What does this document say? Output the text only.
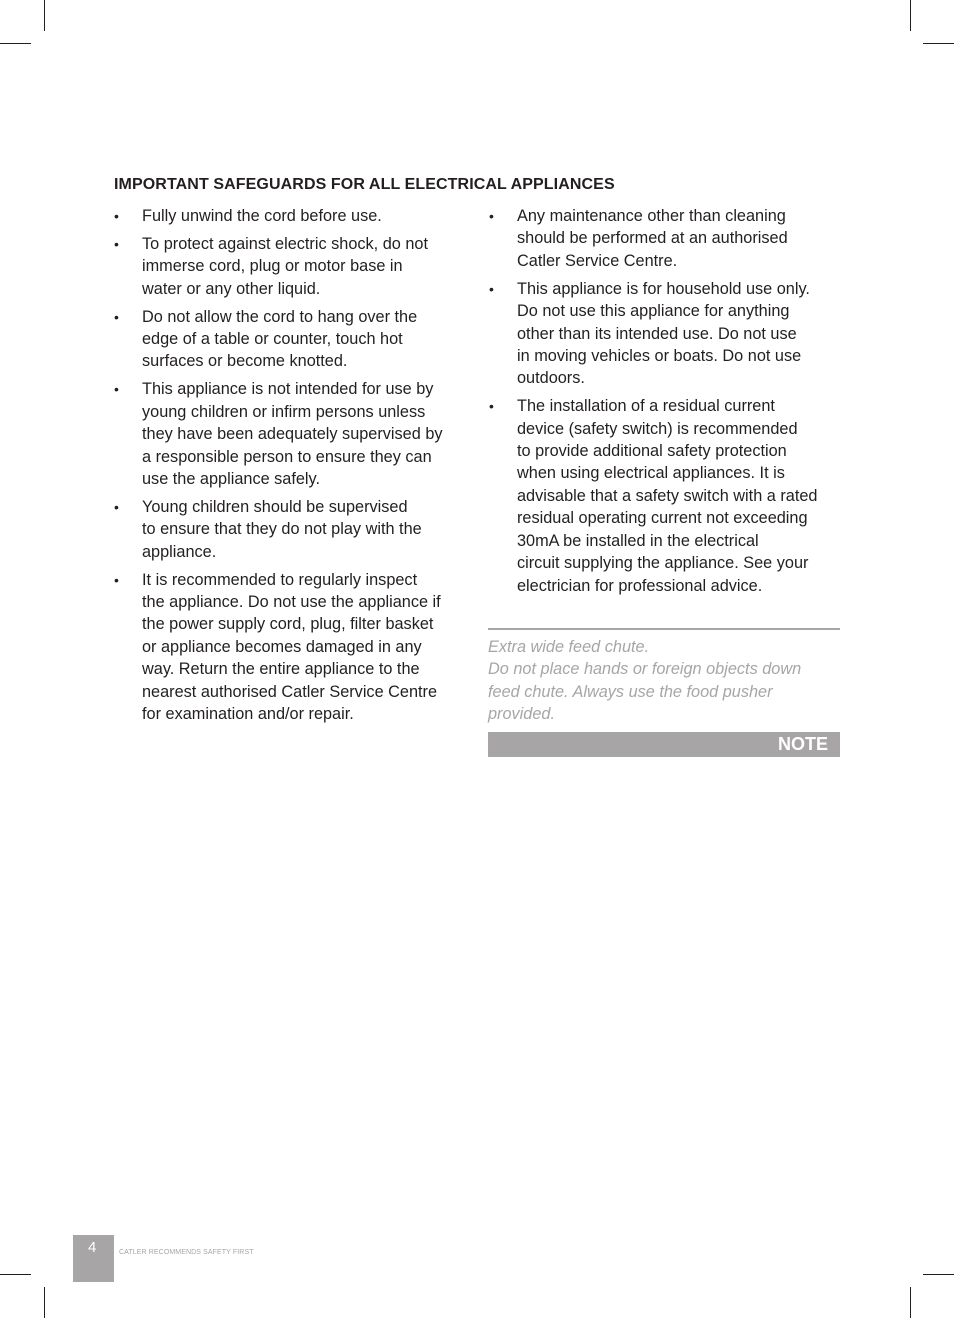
IMPORTANT SAFEGUARDS FOR ALL ELECTRICAL APPLIANCES
•	Fully unwind the cord before use.
•	To protect against electric shock, do not
immerse cord, plug or motor base in
water or any other liquid.
•	Do not allow the cord to hang over the
edge of a table or counter, touch hot
surfaces or become knotted.
•	This appliance is not intended for use by
young children or infirm persons unless
they have been adequately supervised by
a responsible person to ensure they can
use the appliance safely.
•	Young children should be supervised
to ensure that they do not play with the
appliance.
•	It is recommended to regularly inspect
the appliance. Do not use the appliance if
the power supply cord, plug, filter basket
or appliance becomes damaged in any
way. Return the entire appliance to the
nearest authorised Catler Service Centre
for examination and/or repair.
•	Any maintenance other than cleaning
should be performed at an authorised
Catler Service Centre.
•	This appliance is for household use only.
Do not use this appliance for anything
other than its intended use. Do not use
in moving vehicles or boats. Do not use
outdoors.
•	The installation of a residual current
device (safety switch) is recommended
to provide additional safety protection
when using electrical appliances. It is
advisable that a safety switch with a rated
residual operating current not exceeding
30mA be installed in the electrical
circuit supplying the appliance. See your
electrician for professional advice.
Extra wide feed chute.
Do not place hands or foreign objects down
feed chute. Always use the food pusher
provided.
NOTE
4	CATLER RECOMMENDS SAFETY FIRST
